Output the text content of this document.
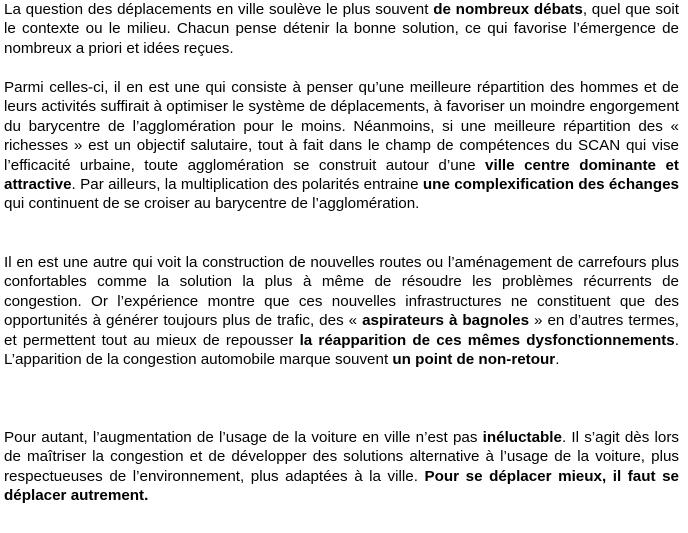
La question des déplacements en ville soulève le plus souvent de nombreux débats, quel que soit le contexte ou le milieu. Chacun pense détenir la bonne solution, ce qui favorise l’émergence de nombreux a priori et idées reçues.

Parmi celles-ci, il en est une qui consiste à penser qu’une meilleure répartition des hommes et de leurs activités suffirait à optimiser le système de déplacements, à favoriser un moindre engorgement du barycentre de l’agglomération pour le moins. Néanmoins, si une meilleure répartition des « richesses » est un objectif salutaire, tout à fait dans le champ de compétences du SCAN qui vise l’efficacité urbaine, toute agglomération se construit autour d’une ville centre dominante et attractive. Par ailleurs, la multiplication des polarités entraine une complexification des échanges qui continuent de se croiser au barycentre de l’agglomération.

Il en est une autre qui voit la construction de nouvelles routes ou l’aménagement de carrefours plus confortables comme la solution la plus à même de résoudre les problèmes récurrents de congestion. Or l’expérience montre que ces nouvelles infrastructures ne constituent que des opportunités à générer toujours plus de trafic, des « aspirateurs à bagnoles » en d’autres termes, et permettent tout au mieux de repousser la réapparition de ces mêmes dysfonctionnements. L’apparition de la congestion automobile marque souvent un point de non-retour.

Pour autant, l’augmentation de l’usage de la voiture en ville n’est pas inéluctable. Il s’agit dès lors de maîtriser la congestion et de développer des solutions alternative à l’usage de la voiture, plus respectueuses de l’environnement, plus adaptées à la ville. Pour se déplacer mieux, il faut se déplacer autrement.
